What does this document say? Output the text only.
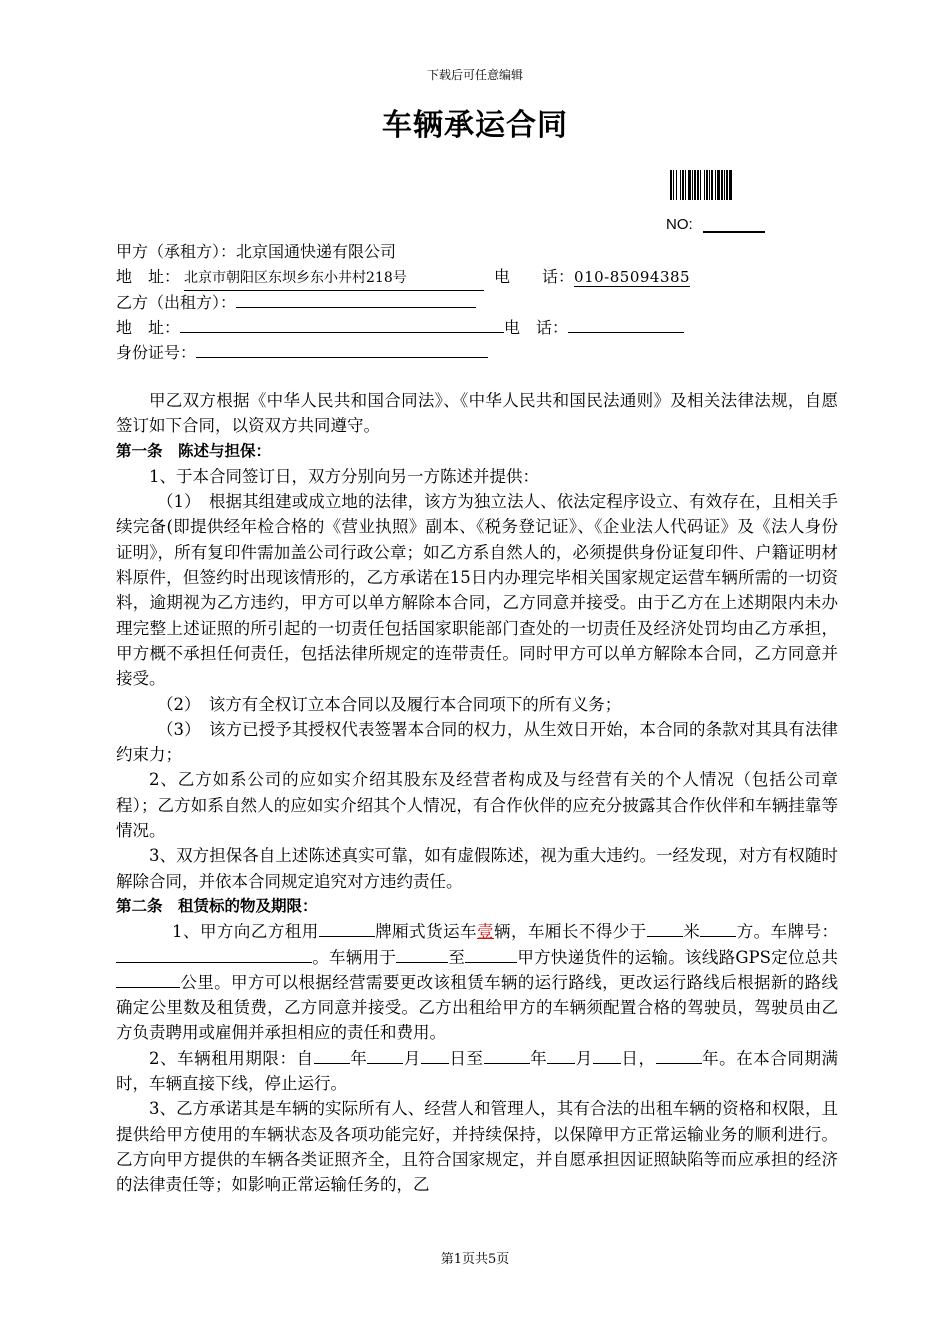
下载后可任意编辑
车辆承运合同
NO:
甲方（承租方）：北京国通快递有限公司
地　址： 北京市朝阳区东坝乡东小井村218号	电　　话：010-85094385
乙方（出租方）：
地　址：	电　话：
身份证号：

甲乙双方根据《中华人民共和国合同法》、《中华人民共和国民法通则》及相关法律法规，自愿签订如下合同，以资双方共同遵守。

第一条　陈述与担保：

1、于本合同签订日，双方分别向另一方陈述并提供：

（1）　根据其组建或成立地的法律，该方为独立法人、依法定程序设立、有效存在，且相关手续完备(即提供经年检合格的《营业执照》副本、《税务登记证》、《企业法人代码证》及《法人身份证明》，所有复印件需加盖公司行政公章；如乙方系自然人的，必须提供身份证复印件、户籍证明材料原件，但签约时出现该情形的，乙方承诺在15日内办理完毕相关国家规定运营车辆所需的一切资料，逾期视为乙方违约，甲方可以单方解除本合同，乙方同意并接受。由于乙方在上述期限内未办理完整上述证照的所引起的一切责任包括国家职能部门查处的一切责任及经济处罚均由乙方承担，甲方概不承担任何责任，包括法律所规定的连带责任。同时甲方可以单方解除本合同，乙方同意并接受。

（2）　该方有全权订立本合同以及履行本合同项下的所有义务；

（3）　该方已授予其授权代表签署本合同的权力，从生效日开始，本合同的条款对其具有法律约束力；

2、乙方如系公司的应如实介绍其股东及经营者构成及与经营有关的个人情况（包括公司章程）；乙方如系自然人的应如实介绍其个人情况，有合作伙伴的应充分披露其合作伙伴和车辆挂靠等情况。

3、双方担保各自上述陈述真实可靠，如有虚假陈述，视为重大违约。一经发现，对方有权随时解除合同，并依本合同规定追究对方违约责任。

第二条　租赁标的物及期限：

1、甲方向乙方租用	牌厢式货运车壹辆，车厢长不得少于 米 方。车牌号：。车辆用于	至	甲方快递货件的运输。该线路GPS定位总共公里。甲方可以根据经营需要更改该租赁车辆的运行路线，更改运行路线后根据新的路线确定公里数及租赁费，乙方同意并接受。乙方出租给甲方的车辆须配置合格的驾驶员，驾驶员由乙方负责聘用或雇佣并承担相应的责任和费用。

2、车辆租用期限：自 年 月 日至	年 月 日，	年。在本合同期满时，车辆直接下线，停止运行。

3、乙方承诺其是车辆的实际所有人、经营人和管理人，其有合法的出租车辆的资格和权限，且提供给甲方使用的车辆状态及各项功能完好，并持续保持，以保障甲方正常运输业务的顺利进行。乙方向甲方提供的车辆各类证照齐全，且符合国家规定，并自愿承担因证照缺陷等而应承担的经济的法律责任等；如影响正常运输任务的，乙

第1页共5页
